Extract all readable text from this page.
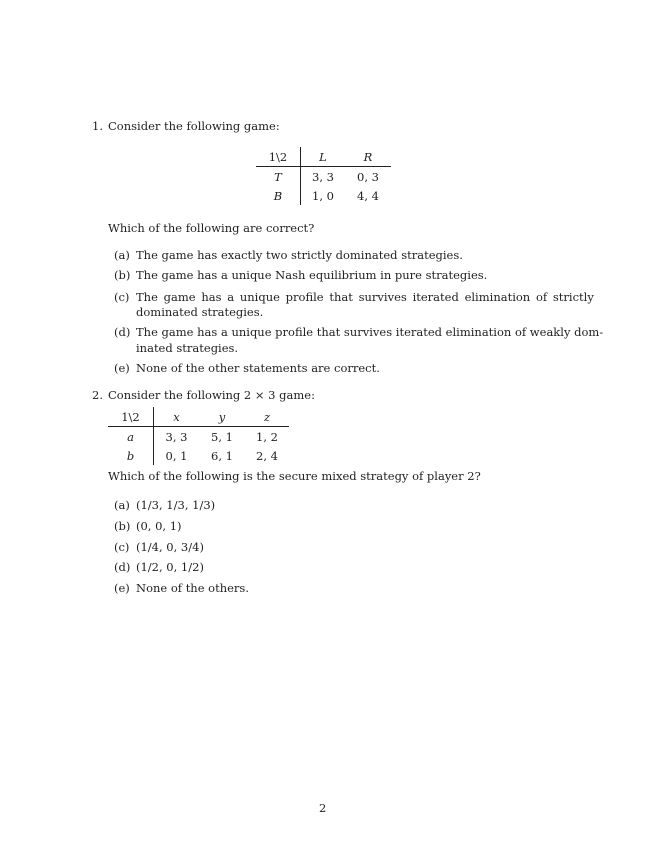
1. Consider the following game:
1\2	L	R
T	3, 3	0, 3
B	1, 0	4, 4
Which of the following are correct?
(a) The game has exactly two strictly dominated strategies.
(b) The game has a unique Nash equilibrium in pure strategies.
(c) The game has a unique profile that survives iterated elimination of strictly
dominated strategies.
(d) The game has a unique profile that survives iterated elimination of weakly dom-
inated strategies.
(e) None of the other statements are correct.
2. Consider the following 2 × 3 game:
1\2	x	y	z
a	3, 3	5, 1	1, 2
b	0, 1	6, 1	2, 4
Which of the following is the secure mixed strategy of player 2?
(a) (1/3, 1/3, 1/3)
(b) (0, 0, 1)
(c) (1/4, 0, 3/4)
(d) (1/2, 0, 1/2)
(e) None of the others.
2
